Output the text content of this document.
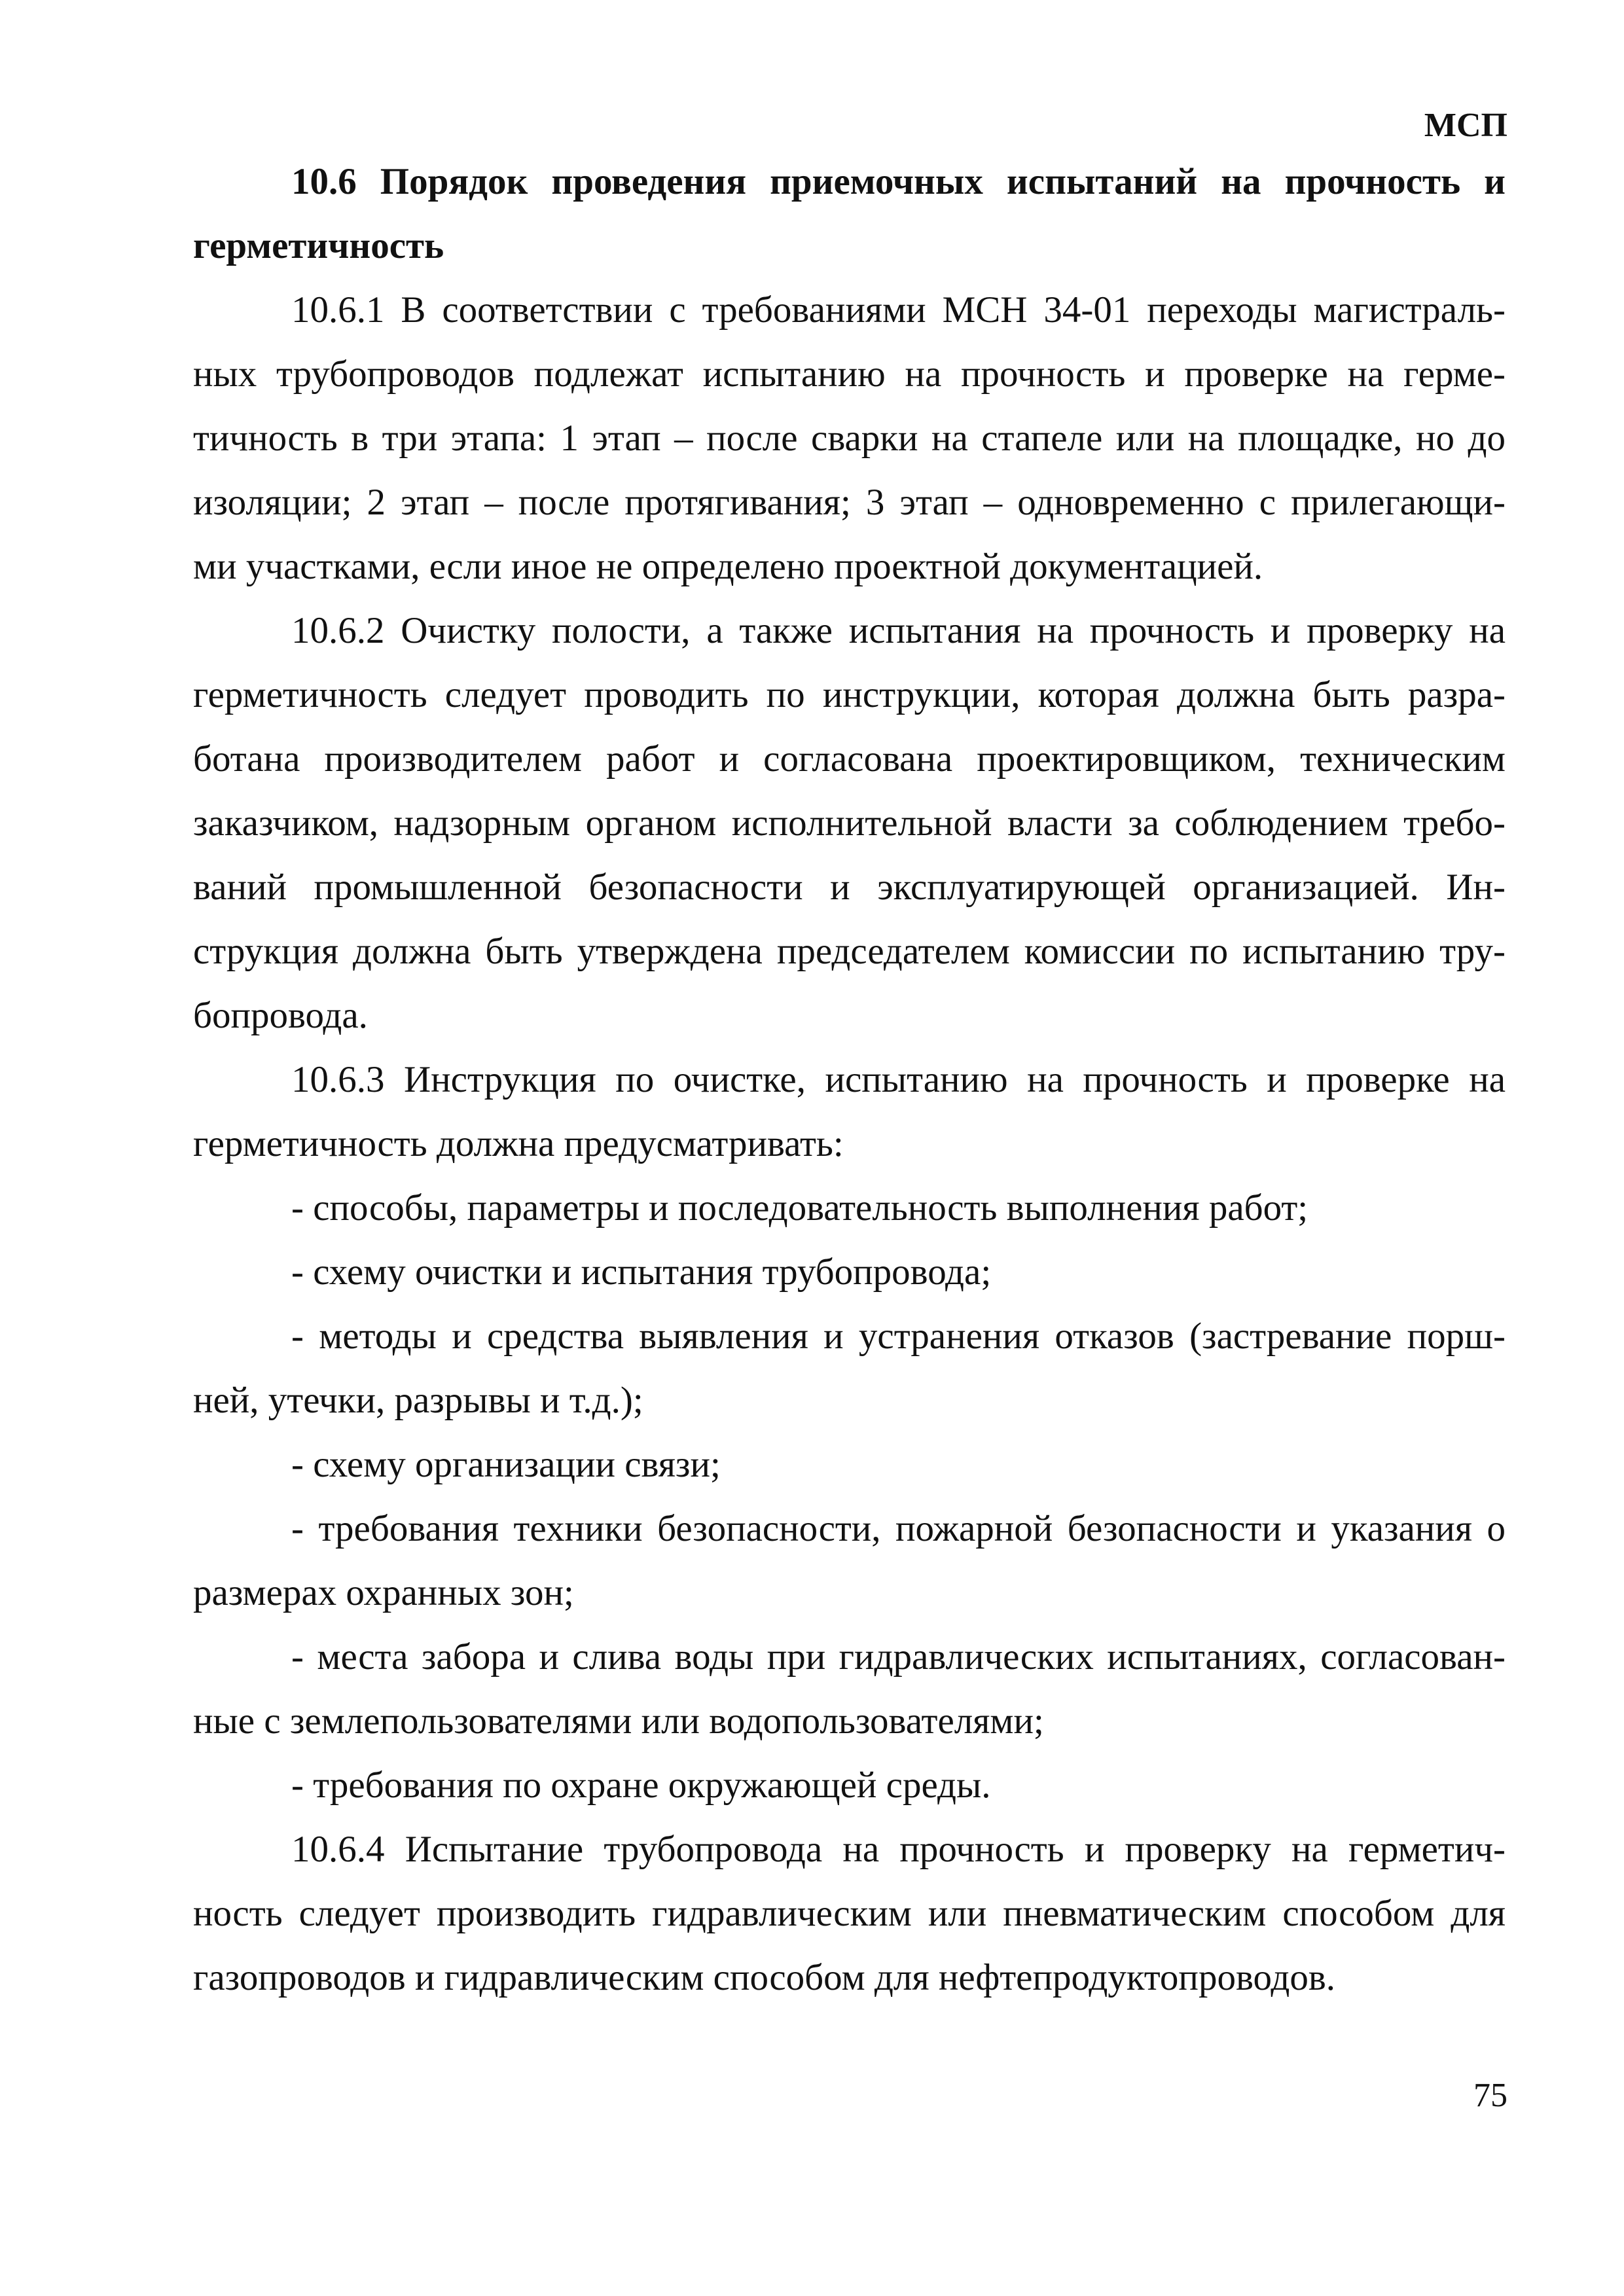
МСП
10.6 Порядок проведения приемочных испытаний на прочность и
герметичность
10.6.1 В соответствии с требованиями МСН 34-01 переходы магистраль-
ных трубопроводов подлежат испытанию на прочность и проверке на герме-
тичность в три этапа: 1 этап – после сварки на стапеле или на площадке, но до
изоляции; 2 этап – после протягивания; 3 этап – одновременно с прилегающи-
ми участками, если иное не определено проектной документацией.
10.6.2 Очистку полости, а также испытания на прочность и проверку на
герметичность следует проводить по инструкции, которая должна быть разра-
ботана производителем работ и согласована проектировщиком, техническим
заказчиком, надзорным органом исполнительной власти за соблюдением требо-
ваний промышленной безопасности и эксплуатирующей организацией. Ин-
струкция должна быть утверждена председателем комиссии по испытанию тру-
бопровода.
10.6.3 Инструкция по очистке, испытанию на прочность и проверке на
герметичность должна предусматривать:
- способы, параметры и последовательность выполнения работ;
- схему очистки и испытания трубопровода;
- методы и средства выявления и устранения отказов (застревание порш-
ней, утечки, разрывы и т.д.);
- схему организации связи;
- требования техники безопасности, пожарной безопасности и указания о
размерах охранных зон;
- места забора и слива воды при гидравлических испытаниях, согласован-
ные с землепользователями или водопользователями;
- требования по охране окружающей среды.
10.6.4 Испытание трубопровода на прочность и проверку на герметич-
ность следует производить гидравлическим или пневматическим способом для
газопроводов и гидравлическим способом для нефтепродуктопроводов.
75
